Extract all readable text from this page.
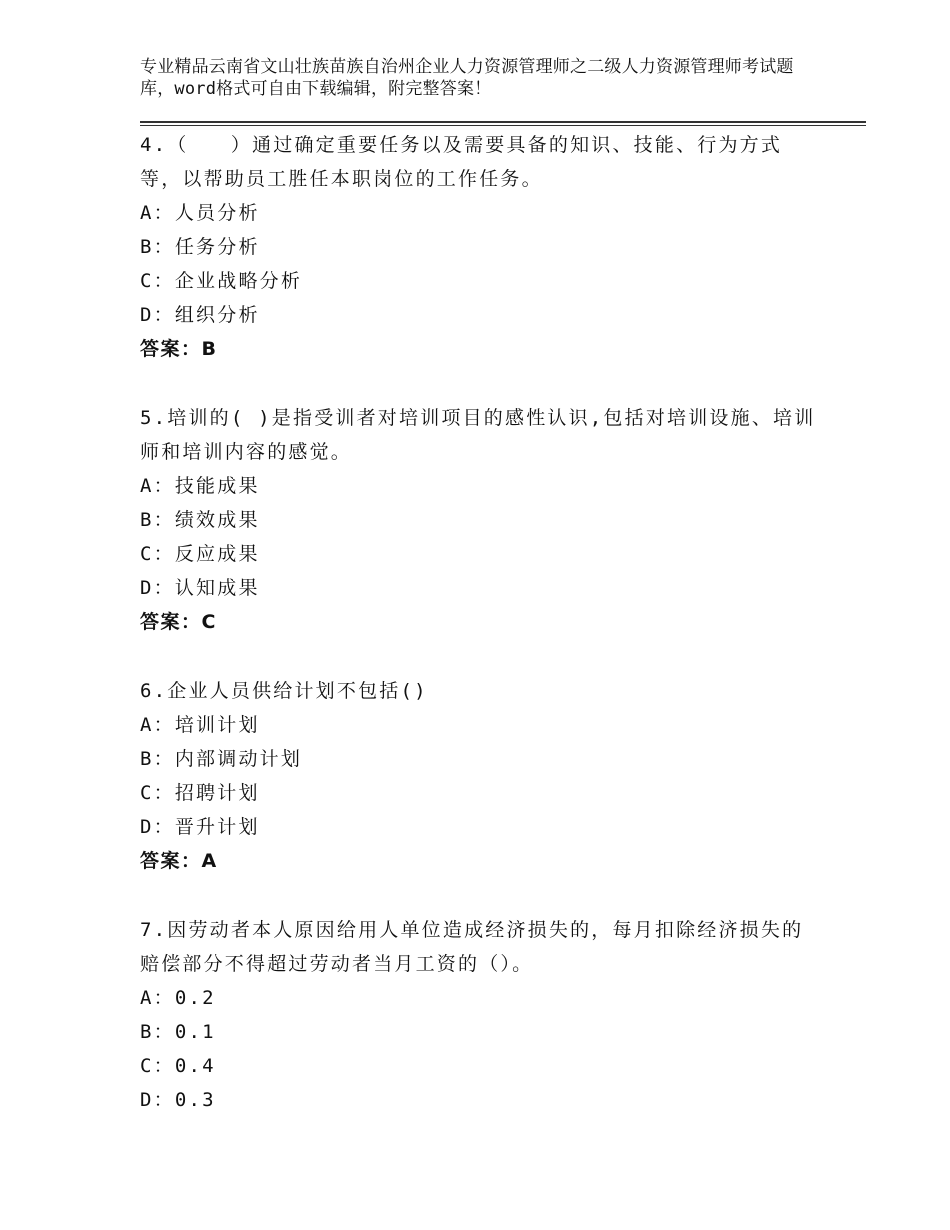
专业精品云南省文山壮族苗族自治州企业人力资源管理师之二级人力资源管理师考试题库，word格式可自由下载编辑，附完整答案！

4.（　　）通过确定重要任务以及需要具备的知识、技能、行为方式等，以帮助员工胜任本职岗位的工作任务。

A：人员分析

B：任务分析

C：企业战略分析

D：组织分析

答案：B

5.培训的( )是指受训者对培训项目的感性认识,包括对培训设施、培训师和培训内容的感觉。

A：技能成果

B：绩效成果

C：反应成果

D：认知成果

答案：C

6.企业人员供给计划不包括()

A：培训计划

B：内部调动计划

C：招聘计划

D：晋升计划

答案：A

7.因劳动者本人原因给用人单位造成经济损失的，每月扣除经济损失的赔偿部分不得超过劳动者当月工资的（）。

A：0.2

B：0.1

C：0.4

D：0.3
